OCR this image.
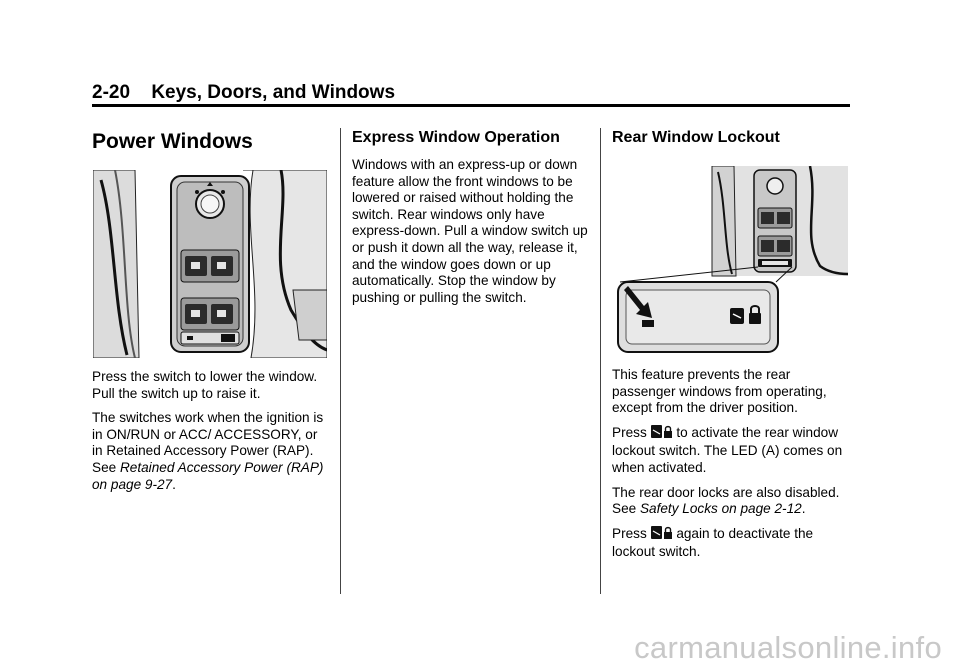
2-20 Keys, Doors, and Windows
Power Windows

Press the switch to lower the window. Pull the switch up to raise it.

The switches work when the ignition is in ON/RUN or ACC/ ACCESSORY, or in Retained Accessory Power (RAP). See Retained Accessory Power (RAP) on page 9-27.

Express Window Operation

Windows with an express-up or down feature allow the front windows to be lowered or raised without holding the switch. Rear windows only have express-down. Pull a window switch up or push it down all the way, release it, and the window goes down or up automatically. Stop the window by pushing or pulling the switch.

Rear Window Lockout

This feature prevents the rear passenger windows from operating, except from the driver position.

Press to activate the rear window lockout switch. The LED (A) comes on when activated.

The rear door locks are also disabled. See Safety Locks on page 2-12.

Press again to deactivate the lockout switch.

carmanualsonline.info
